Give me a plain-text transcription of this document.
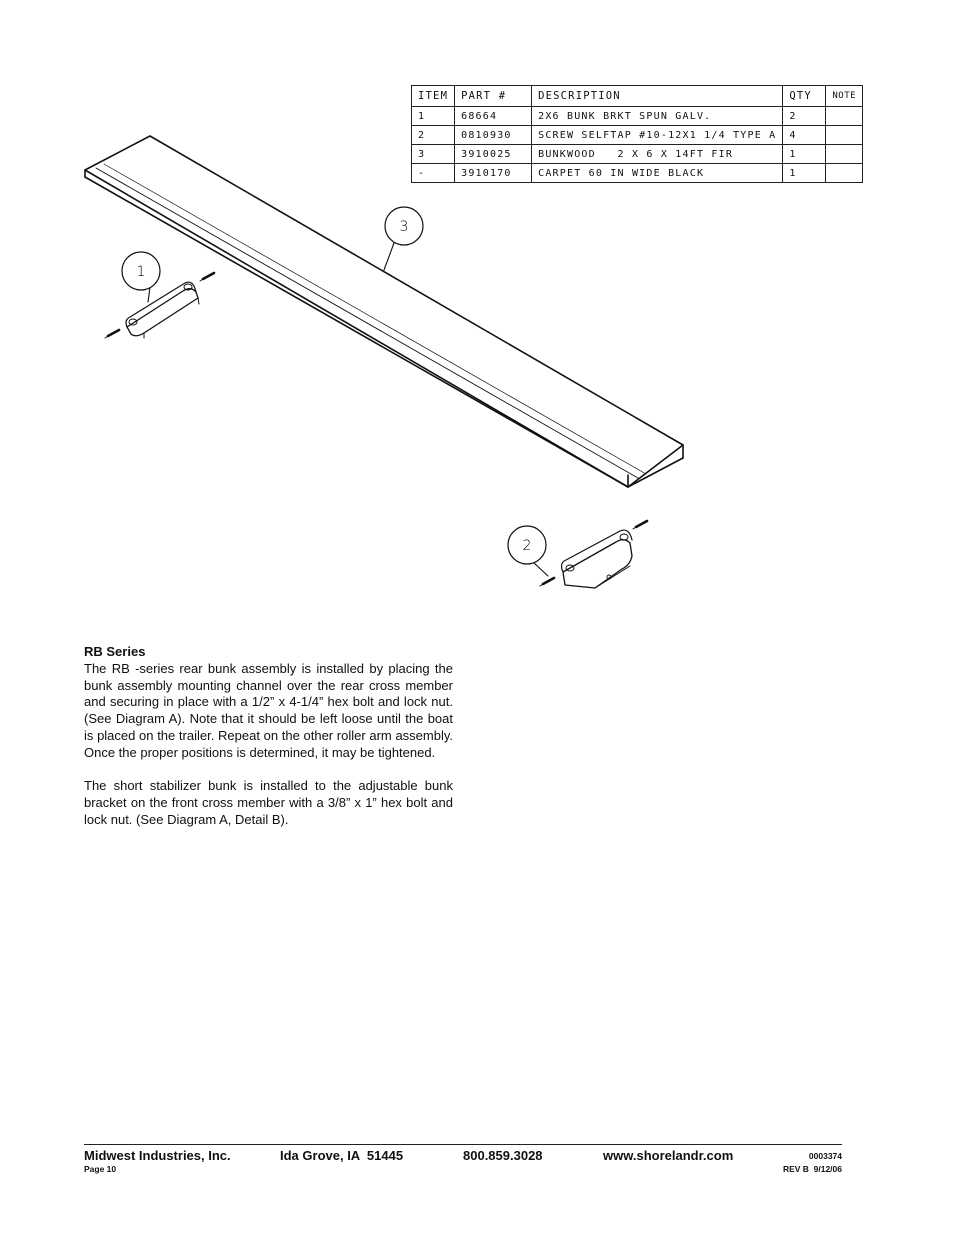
ITEM	PART #	DESCRIPTION	QTY	NOTE
1	68664	2X6 BUNK BRKT SPUN GALV.	2	
2	0810930	SCREW SELFTAP #10-12X1 1/4 TYPE A	4	
3	3910025	BUNKWOOD   2 X 6 X 14FT FIR	1	
-	3910170	CARPET 60 IN WIDE BLACK	1	
1
2
3
RB Series

The RB -series rear bunk assembly is installed by placing the bunk assembly mounting channel over the rear cross member and securing in place with a 1/2” x 4-1/4” hex bolt and lock nut. (See Diagram A). Note that it should be left loose until the boat is placed on the trailer. Repeat on the other roller arm assembly. Once the proper positions is determined, it may be tightened.

The short stabilizer bunk is installed to the adjustable bunk bracket on the front cross member with a 3/8” x 1” hex bolt and lock nut. (See Diagram A, Detail B).

Midwest Industries, Inc.	Ida Grove, IA  51445	800.859.3028	www.shorelandr.com
Page 10
0003374
REV B  9/12/06
